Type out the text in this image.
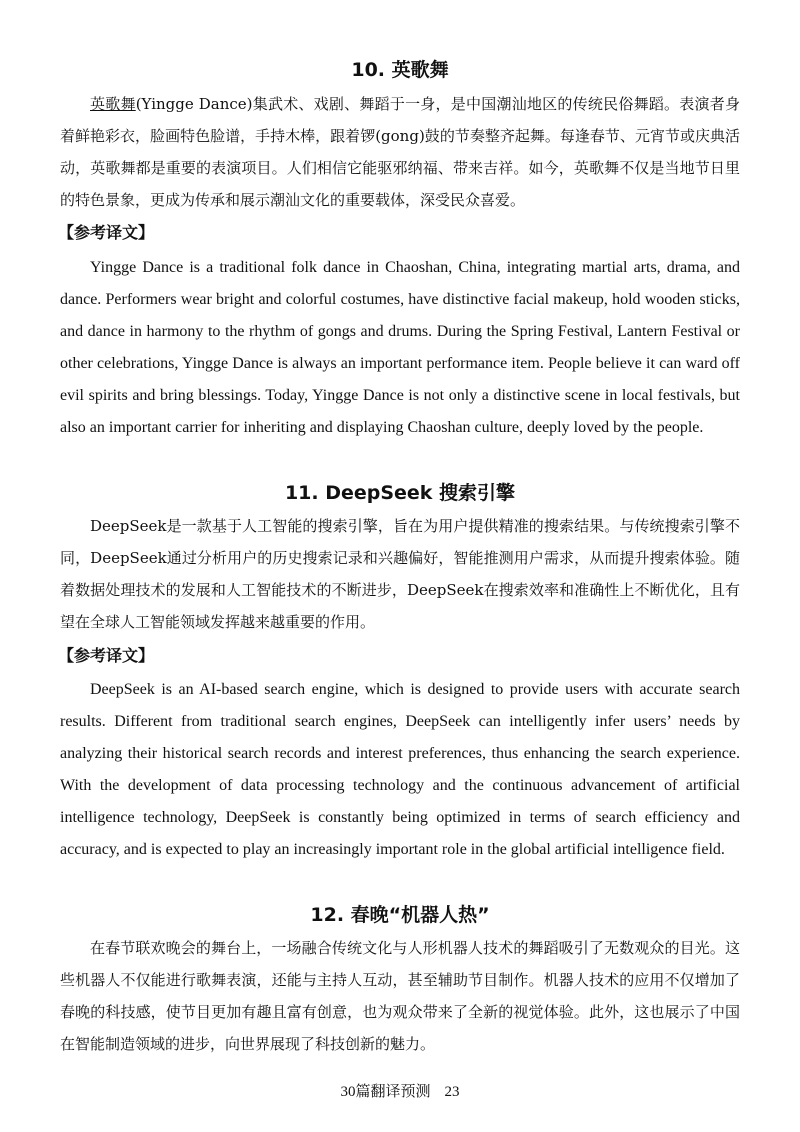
10. 英歌舞

英歌舞(Yingge Dance)集武术、戏剧、舞蹈于一身，是中国潮汕地区的传统民俗舞蹈。表演者身着鲜艳彩衣，脸画特色脸谱，手持木棒，跟着锣(gong)鼓的节奏整齐起舞。每逢春节、元宵节或庆典活动，英歌舞都是重要的表演项目。人们相信它能驱邪纳福、带来吉祥。如今，英歌舞不仅是当地节日里的特色景象，更成为传承和展示潮汕文化的重要载体，深受民众喜爱。

【参考译文】

Yingge Dance is a traditional folk dance in Chaoshan, China, integrating martial arts, drama, and dance. Performers wear bright and colorful costumes, have distinctive facial makeup, hold wooden sticks, and dance in harmony to the rhythm of gongs and drums. During the Spring Festival, Lantern Festival or other celebrations, Yingge Dance is always an important performance item. People believe it can ward off evil spirits and bring blessings. Today, Yingge Dance is not only a distinctive scene in local festivals, but also an important carrier for inheriting and displaying Chaoshan culture, deeply loved by the people.

11. DeepSeek 搜索引擎

DeepSeek是一款基于人工智能的搜索引擎，旨在为用户提供精准的搜索结果。与传统搜索引擎不同，DeepSeek通过分析用户的历史搜索记录和兴趣偏好，智能推测用户需求，从而提升搜索体验。随着数据处理技术的发展和人工智能技术的不断进步，DeepSeek在搜索效率和准确性上不断优化，且有望在全球人工智能领域发挥越来越重要的作用。

【参考译文】

DeepSeek is an AI-based search engine, which is designed to provide users with accurate search results. Different from traditional search engines, DeepSeek can intelligently infer users’ needs by analyzing their historical search records and interest preferences, thus enhancing the search experience. With the development of data processing technology and the continuous advancement of artificial intelligence technology, DeepSeek is constantly being optimized in terms of search efficiency and accuracy, and is expected to play an increasingly important role in the global artificial intelligence field.

12. 春晚“机器人热”

在春节联欢晚会的舞台上，一场融合传统文化与人形机器人技术的舞蹈吸引了无数观众的目光。这些机器人不仅能进行歌舞表演，还能与主持人互动，甚至辅助节目制作。机器人技术的应用不仅增加了春晚的科技感，使节目更加有趣且富有创意，也为观众带来了全新的视觉体验。此外，这也展示了中国在智能制造领域的进步，向世界展现了科技创新的魅力。

30篇翻译预测 23
